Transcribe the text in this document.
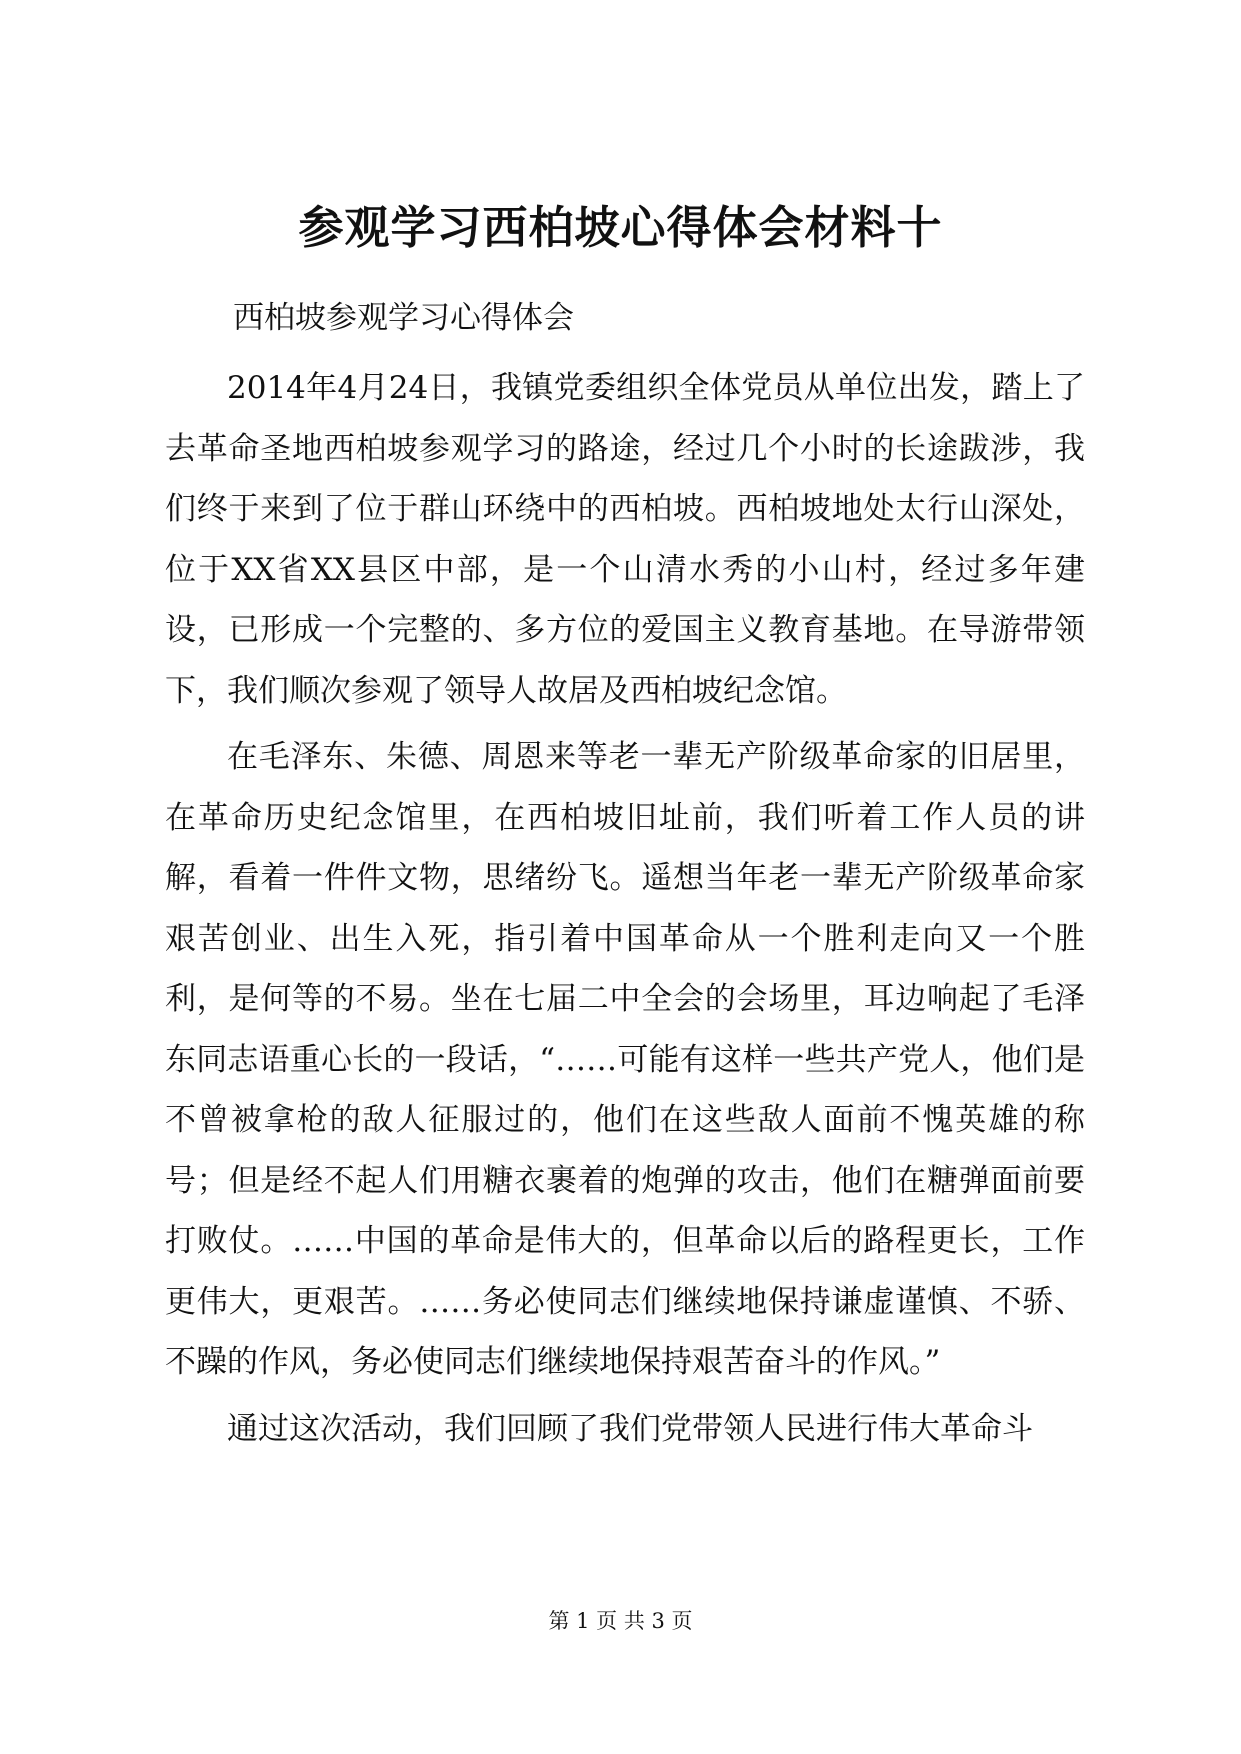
参观学习西柏坡心得体会材料十

西柏坡参观学习心得体会

2014年4月24日，我镇党委组织全体党员从单位出发，踏上了去革命圣地西柏坡参观学习的路途，经过几个小时的长途跋涉，我们终于来到了位于群山环绕中的西柏坡。西柏坡地处太行山深处，位于XX省XX县区中部，是一个山清水秀的小山村，经过多年建设，已形成一个完整的、多方位的爱国主义教育基地。在导游带领下，我们顺次参观了领导人故居及西柏坡纪念馆。

在毛泽东、朱德、周恩来等老一辈无产阶级革命家的旧居里，在革命历史纪念馆里，在西柏坡旧址前，我们听着工作人员的讲解，看着一件件文物，思绪纷飞。遥想当年老一辈无产阶级革命家艰苦创业、出生入死，指引着中国革命从一个胜利走向又一个胜利，是何等的不易。坐在七届二中全会的会场里，耳边响起了毛泽东同志语重心长的一段话，“……可能有这样一些共产党人，他们是不曾被拿枪的敌人征服过的，他们在这些敌人面前不愧英雄的称号；但是经不起人们用糖衣裹着的炮弹的攻击，他们在糖弹面前要打败仗。……中国的革命是伟大的，但革命以后的路程更长，工作更伟大，更艰苦。……务必使同志们继续地保持谦虚谨慎、不骄、不躁的作风，务必使同志们继续地保持艰苦奋斗的作风。”

通过这次活动，我们回顾了我们党带领人民进行伟大革命斗

第 1 页 共 3 页
